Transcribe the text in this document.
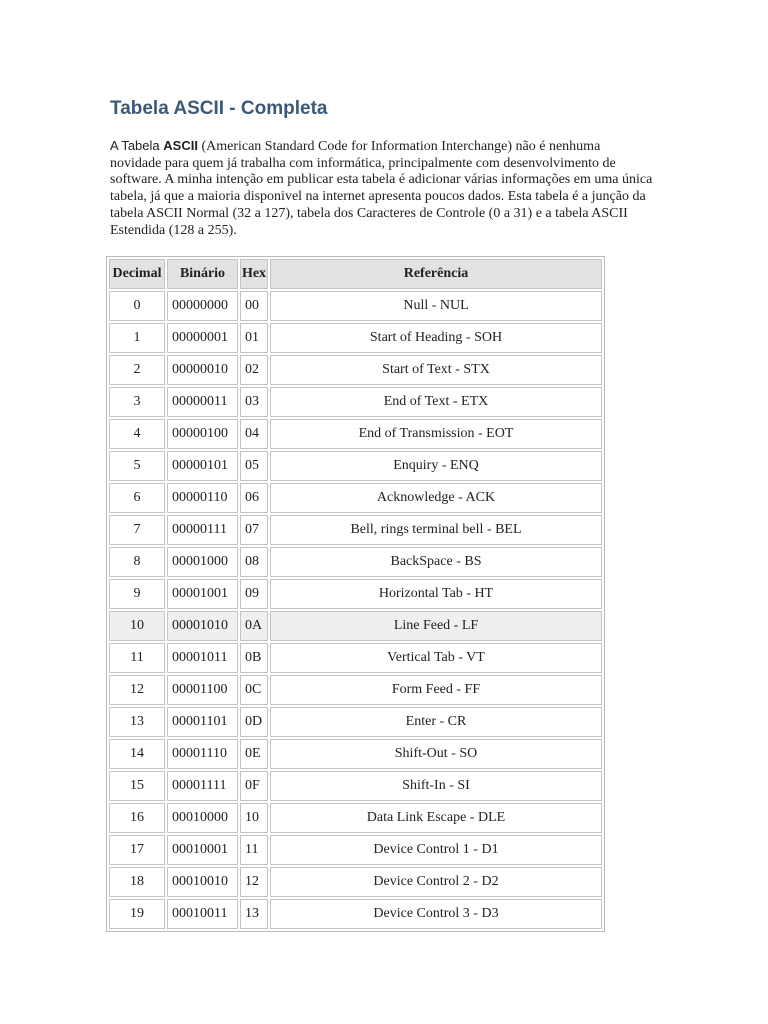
Tabela ASCII - Completa

A Tabela ASCII (American Standard Code for Information Interchange) não é nenhuma novidade para quem já trabalha com informática, principalmente com desenvolvimento de software. A minha intenção em publicar esta tabela é adicionar várias informações em uma única tabela, já que a maioria disponivel na internet apresenta poucos dados. Esta tabela é a junção da tabela ASCII Normal (32 a 127), tabela dos Caracteres de Controle (0 a 31) e a tabela ASCII Estendida (128 a 255).

Decimal	Binário	Hex	Referência
0	00000000	00	Null - NUL
1	00000001	01	Start of Heading - SOH
2	00000010	02	Start of Text - STX
3	00000011	03	End of Text - ETX
4	00000100	04	End of Transmission - EOT
5	00000101	05	Enquiry - ENQ
6	00000110	06	Acknowledge - ACK
7	00000111	07	Bell, rings terminal bell - BEL
8	00001000	08	BackSpace - BS
9	00001001	09	Horizontal Tab - HT
10	00001010	0A	Line Feed - LF
11	00001011	0B	Vertical Tab - VT
12	00001100	0C	Form Feed - FF
13	00001101	0D	Enter - CR
14	00001110	0E	Shift-Out - SO
15	00001111	0F	Shift-In - SI
16	00010000	10	Data Link Escape - DLE
17	00010001	11	Device Control 1 - D1
18	00010010	12	Device Control 2 - D2
19	00010011	13	Device Control 3 - D3
